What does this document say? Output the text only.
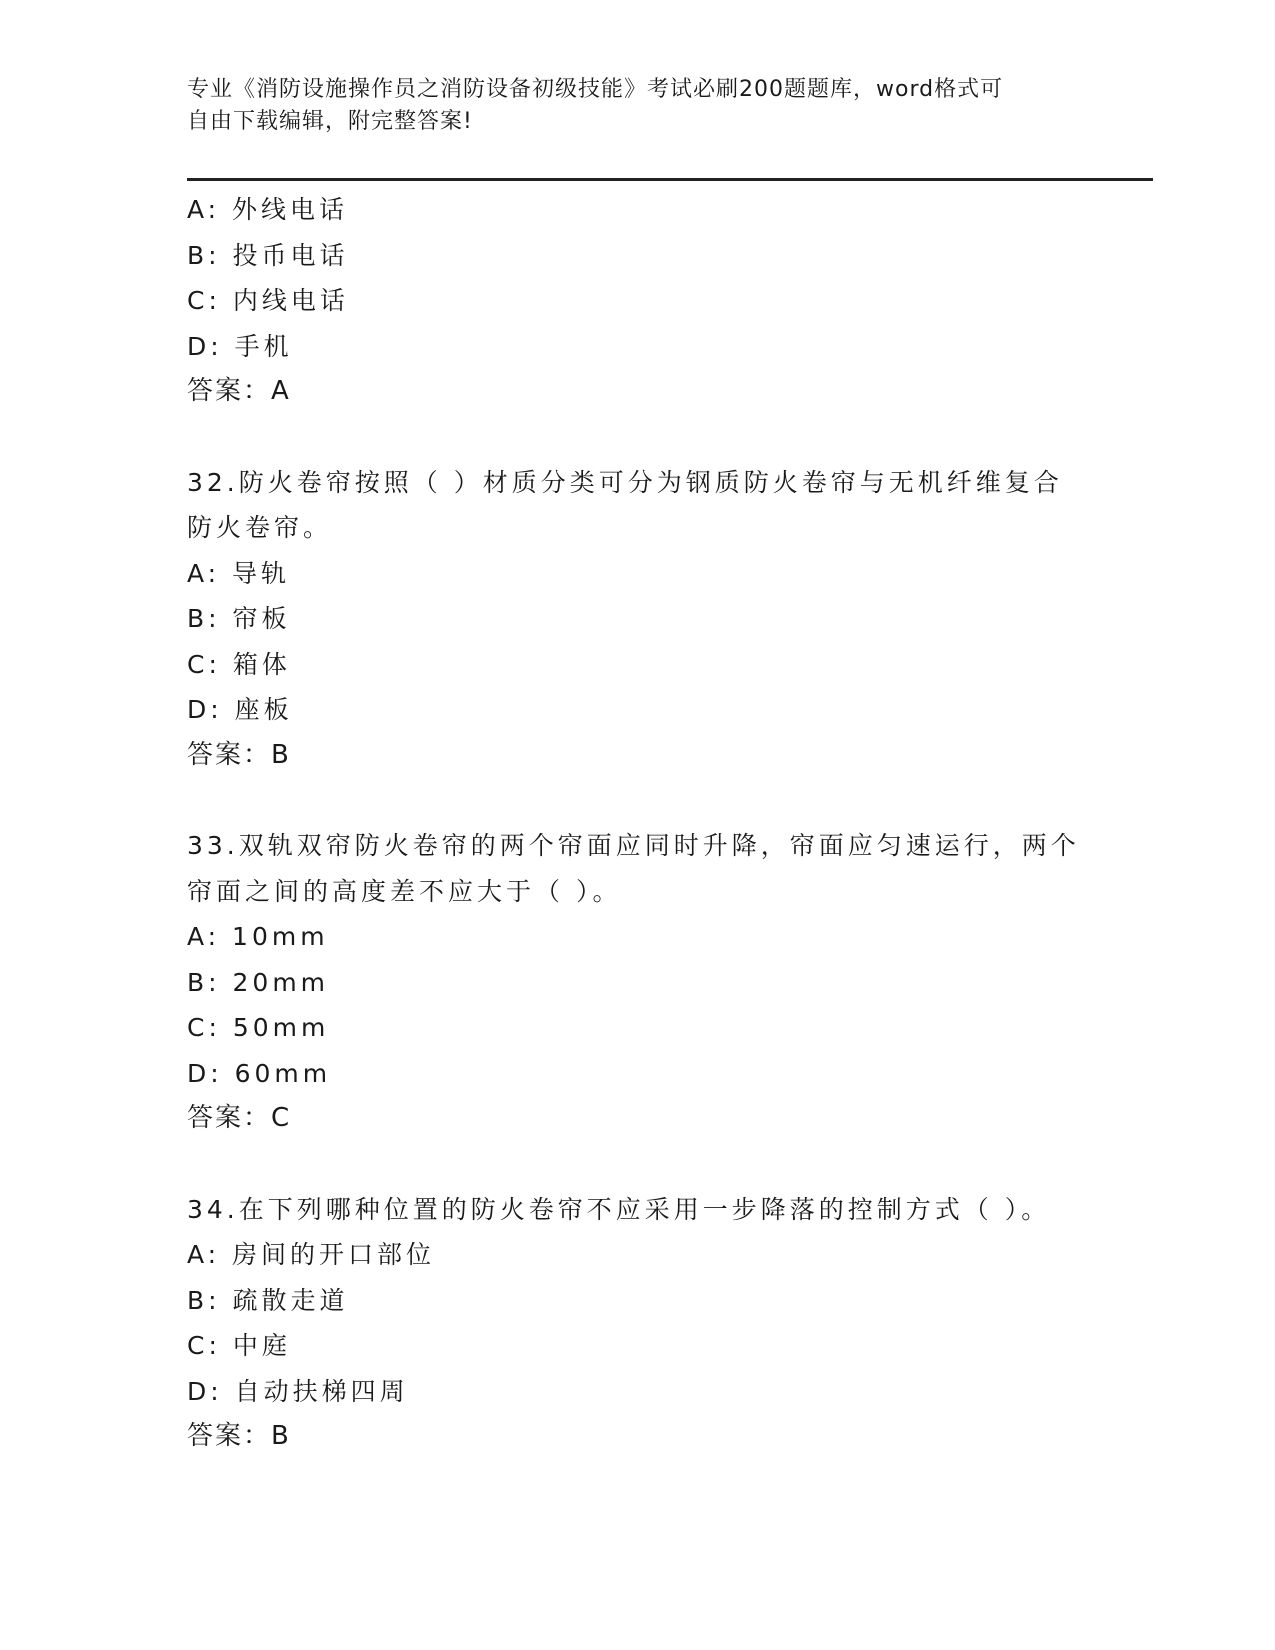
专业《消防设施操作员之消防设备初级技能》考试必刷200题题库，word格式可
自由下载编辑，附完整答案!
A: 外线电话
B: 投币电话
C: 内线电话
D: 手机
答案：A
32.防火卷帘按照（ ）材质分类可分为钢质防火卷帘与无机纤维复合
防火卷帘。
A: 导轨
B: 帘板
C: 箱体
D: 座板
答案：B
33.双轨双帘防火卷帘的两个帘面应同时升降，帘面应匀速运行，两个
帘面之间的高度差不应大于（ ）。
A: 10mm
B: 20mm
C: 50mm
D: 60mm
答案：C
34.在下列哪种位置的防火卷帘不应采用一步降落的控制方式（ ）。
A: 房间的开口部位
B: 疏散走道
C: 中庭
D: 自动扶梯四周
答案：B
